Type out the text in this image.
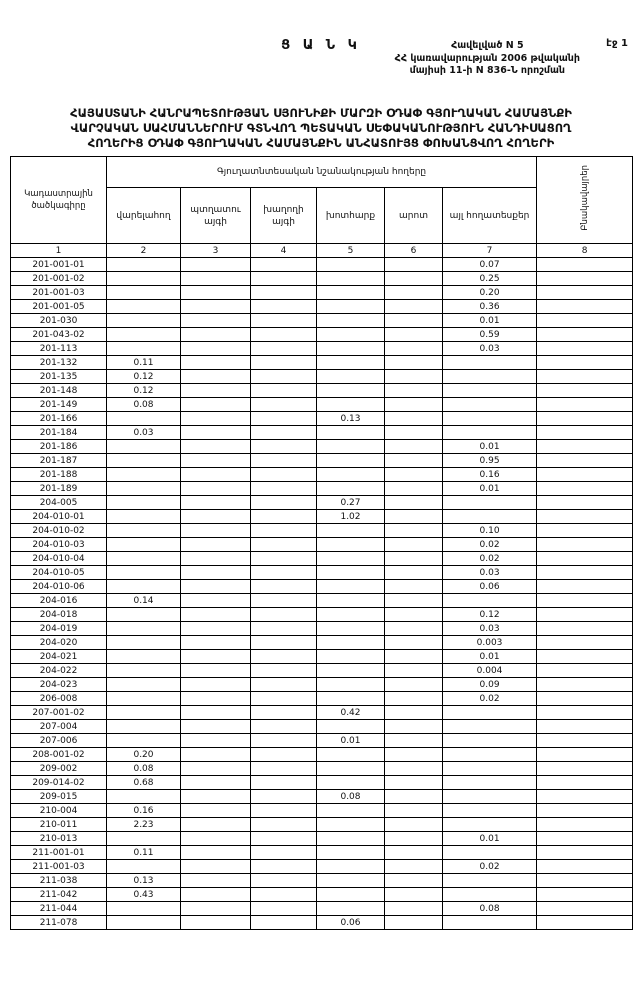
էջ 1
Հավելված N 5
ՀՀ կառավարության 2006 թվականի
մայիսի 11-ի N 836-Ն որոշման
Ց Ա Ն Կ
ՀԱՅԱՍՏԱՆԻ ՀԱՆՐԱՊԵՏՈՒԹՅԱՆ ՍՅՈՒՆԻՔԻ ՄԱՐԶԻ ՕԴԱՓ ԳՅՈՒՂԱԿԱՆ ՀԱՄԱՅՆՔԻ
ՎԱՐՉԱԿԱՆ ՍԱՀՄԱՆՆԵՐՈՒՄ ԳՏՆՎՈՂ ՊԵՏԱԿԱՆ ՍԵՓԱԿԱՆՈՒԹՅՈՒՆ ՀԱՆԴԻՍԱՑՈՂ
ՀՈՂԵՐԻՑ ՕԴԱՓ ԳՅՈՒՂԱԿԱՆ ՀԱՄԱՅՆՔԻՆ ԱՆՀԱՏՈՒՅՑ ՓՈԽԱՆՑՎՈՂ ՀՈՂԵՐԻ
Կադաստրային ծածկագիրը	Գյուղատնտեսական նշանակության հողերը						Բնակավայրեր
	վարելահող	պտղատու այգի	խաղողի այգի	խոտհարք	արոտ	այլ հողատեսքեր	
1	2	3	4	5	6	7	8
201-001-01						0.07	
201-001-02						0.25	
201-001-03						0.20	
201-001-05						0.36	
201-030						0.01	
201-043-02						0.59	
201-113						0.03	
201-132	0.11						
201-135	0.12						
201-148	0.12						
201-149	0.08						
201-166				0.13			
201-184	0.03						
201-186						0.01	
201-187						0.95	
201-188						0.16	
201-189						0.01	
204-005				0.27			
204-010-01				1.02			
204-010-02						0.10	
204-010-03						0.02	
204-010-04						0.02	
204-010-05						0.03	
204-010-06						0.06	
204-016	0.14						
204-018						0.12	
204-019						0.03	
204-020						0.003	
204-021						0.01	
204-022						0.004	
204-023						0.09	
206-008						0.02	
207-001-02				0.42			
207-004							
207-006				0.01			
208-001-02	0.20						
209-002	0.08						
209-014-02	0.68						
209-015				0.08			
210-004	0.16						
210-011	2.23						
210-013						0.01	
211-001-01	0.11						
211-001-03						0.02	
211-038	0.13						
211-042	0.43						
211-044						0.08	
211-078				0.06			
